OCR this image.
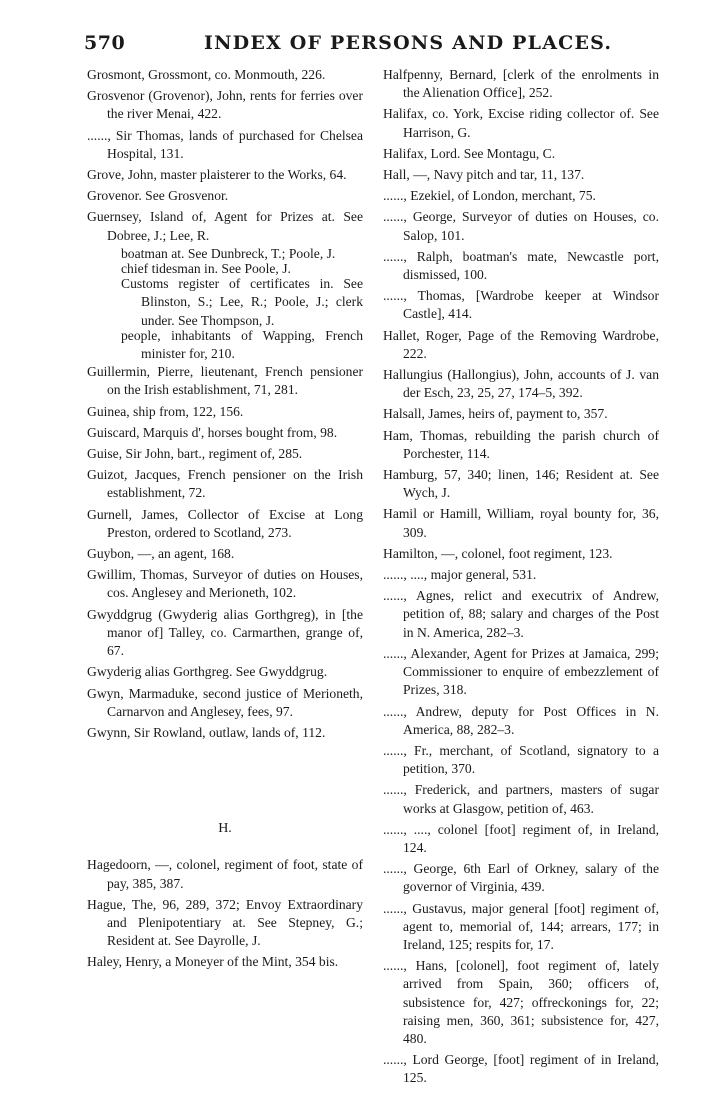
570	INDEX OF PERSONS AND PLACES.

Grosmont, Grossmont, co. Monmouth, 226.

Grosvenor (Grovenor), John, rents for ferries over the river Menai, 422.

......, Sir Thomas, lands of purchased for Chelsea Hospital, 131.

Grove, John, master plaisterer to the Works, 64.

Grovenor. See Grosvenor.

Guernsey, Island of, Agent for Prizes at. See Dobree, J.; Lee, R.

boatman at. See Dunbreck, T.; Poole, J.

chief tidesman in. See Poole, J.

Customs register of certificates in. See Blinston, S.; Lee, R.; Poole, J.; clerk under. See Thompson, J.

people, inhabitants of Wapping, French minister for, 210.

Guillermin, Pierre, lieutenant, French pensioner on the Irish establishment, 71, 281.

Guinea, ship from, 122, 156.

Guiscard, Marquis d', horses bought from, 98.

Guise, Sir John, bart., regiment of, 285.

Guizot, Jacques, French pensioner on the Irish establishment, 72.

Gurnell, James, Collector of Excise at Long Preston, ordered to Scotland, 273.

Guybon, —, an agent, 168.

Gwillim, Thomas, Surveyor of duties on Houses, cos. Anglesey and Merioneth, 102.

Gwyddgrug (Gwyderig alias Gorthgreg), in [the manor of] Talley, co. Carmarthen, grange of, 67.

Gwyderig alias Gorthgreg. See Gwyddgrug.

Gwyn, Marmaduke, second justice of Merioneth, Carnarvon and Anglesey, fees, 97.

Gwynn, Sir Rowland, outlaw, lands of, 112.

H.

Hagedoorn, —, colonel, regiment of foot, state of pay, 385, 387.

Hague, The, 96, 289, 372; Envoy Extraordinary and Plenipotentiary at. See Stepney, G.; Resident at. See Dayrolle, J.

Haley, Henry, a Moneyer of the Mint, 354 bis.

Halfpenny, Bernard, [clerk of the enrolments in the Alienation Office], 252.

Halifax, co. York, Excise riding collector of. See Harrison, G.

Halifax, Lord. See Montagu, C.

Hall, —, Navy pitch and tar, 11, 137.

......, Ezekiel, of London, merchant, 75.

......, George, Surveyor of duties on Houses, co. Salop, 101.

......, Ralph, boatman's mate, Newcastle port, dismissed, 100.

......, Thomas, [Wardrobe keeper at Windsor Castle], 414.

Hallet, Roger, Page of the Removing Wardrobe, 222.

Hallungius (Hallongius), John, accounts of J. van der Esch, 23, 25, 27, 174–5, 392.

Halsall, James, heirs of, payment to, 357.

Ham, Thomas, rebuilding the parish church of Porchester, 114.

Hamburg, 57, 340; linen, 146; Resident at. See Wych, J.

Hamil or Hamill, William, royal bounty for, 36, 309.

Hamilton, —, colonel, foot regiment, 123.

......, ...., major general, 531.

......, Agnes, relict and executrix of Andrew, petition of, 88; salary and charges of the Post in N. America, 282–3.

......, Alexander, Agent for Prizes at Jamaica, 299; Commissioner to enquire of embezzlement of Prizes, 318.

......, Andrew, deputy for Post Offices in N. America, 88, 282–3.

......, Fr., merchant, of Scotland, signatory to a petition, 370.

......, Frederick, and partners, masters of sugar works at Glasgow, petition of, 463.

......, ...., colonel [foot] regiment of, in Ireland, 124.

......, George, 6th Earl of Orkney, salary of the governor of Virginia, 439.

......, Gustavus, major general [foot] regiment of, agent to, memorial of, 144; arrears, 177; in Ireland, 125; respits for, 17.

......, Hans, [colonel], foot regiment of, lately arrived from Spain, 360; officers of, subsistence for, 427; offreckonings for, 22; raising men, 360, 361; subsistence for, 427, 480.

......, Lord George, [foot] regiment of in Ireland, 125.
